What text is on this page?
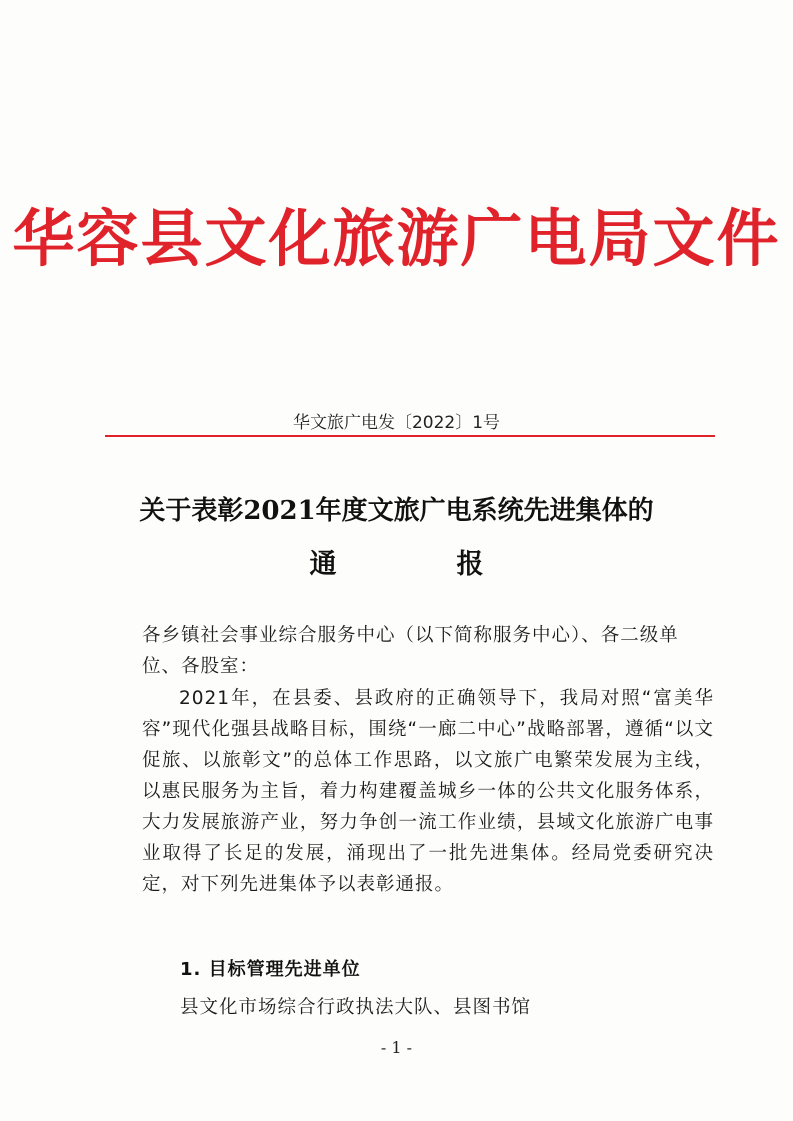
华容县文化旅游广电局文件
华文旅广电发〔2022〕1号
关于表彰2021年度文旅广电系统先进集体的
通	报
各乡镇社会事业综合服务中心（以下简称服务中心）、各二级单位、各股室：
2021年，在县委、县政府的正确领导下，我局对照“富美华容”现代化强县战略目标，围绕“一廊二中心”战略部署，遵循“以文促旅、以旅彰文”的总体工作思路，以文旅广电繁荣发展为主线，以惠民服务为主旨，着力构建覆盖城乡一体的公共文化服务体系，大力发展旅游产业，努力争创一流工作业绩，县域文化旅游广电事业取得了长足的发展，涌现出了一批先进集体。经局党委研究决定，对下列先进集体予以表彰通报。
1. 目标管理先进单位
县文化市场综合行政执法大队、县图书馆
- 1 -
